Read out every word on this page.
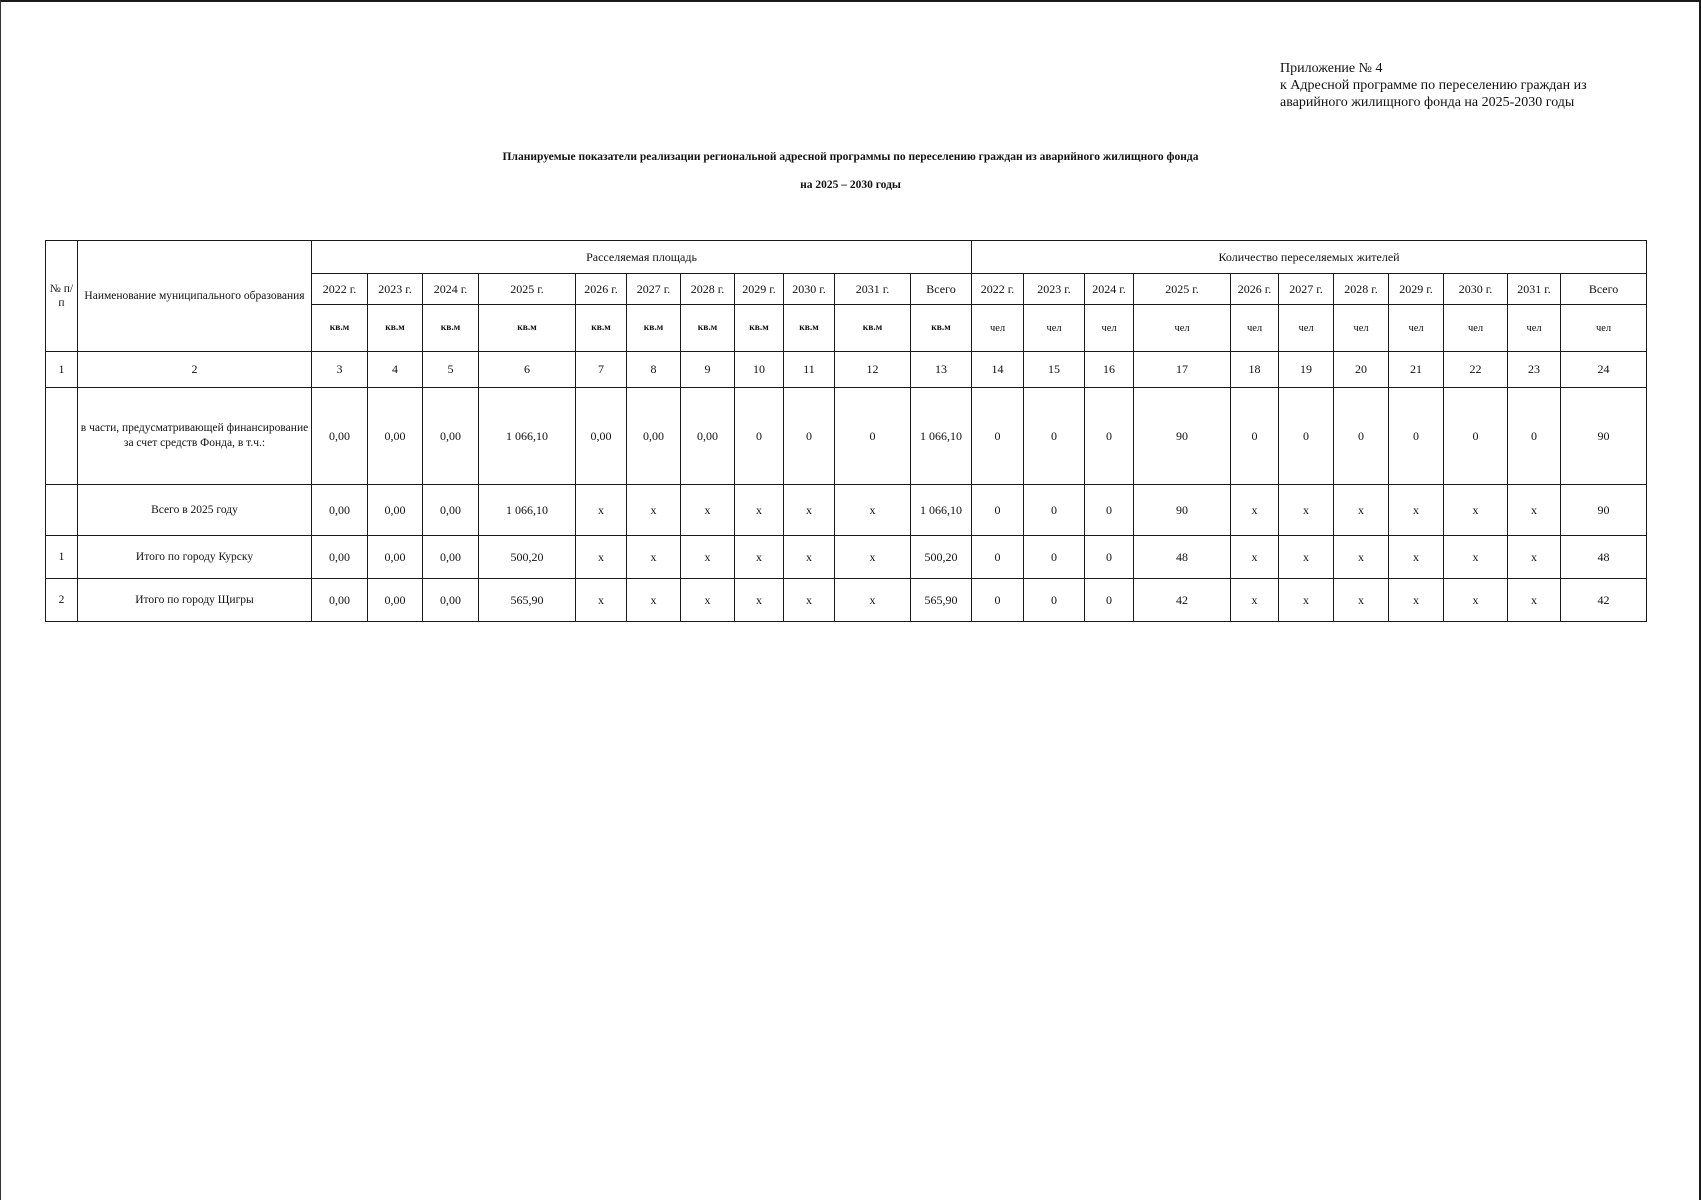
Приложение № 4
к Адресной программе по переселению граждан из
аварийного жилищного фонда на 2025-2030 годы
Планируемые показатели реализации региональной адресной программы по переселению граждан из аварийного жилищного фонда
на 2025 – 2030 годы
№ п/п	Наименование муниципального образования	Расселяемая площадь											Количество переселяемых жителей										
		2022 г.	2023 г.	2024 г.	2025 г.	2026 г.	2027 г.	2028 г.	2029 г.	2030 г.	2031 г.	Всего	2022 г.	2023 г.	2024 г.	2025 г.	2026 г.	2027 г.	2028 г.	2029 г.	2030 г.	2031 г.	Всего
		кв.м	кв.м	кв.м	кв.м	кв.м	кв.м	кв.м	кв.м	кв.м	кв.м	кв.м	чел	чел	чел	чел	чел	чел	чел	чел	чел	чел	чел
1	2	3	4	5	6	7	8	9	10	11	12	13	14	15	16	17	18	19	20	21	22	23	24
	в части, предусматривающей финансирование за счет средств Фонда, в т.ч.:	0,00	0,00	0,00	1 066,10	0,00	0,00	0,00	0	0	0	1 066,10	0	0	0	90	0	0	0	0	0	0	90
	Всего в 2025 году	0,00	0,00	0,00	1 066,10	x	x	x	x	x	x	1 066,10	0	0	0	90	x	x	x	x	x	x	90
1	Итого по городу Курску	0,00	0,00	0,00	500,20	x	x	x	x	x	x	500,20	0	0	0	48	x	x	x	x	x	x	48
2	Итого по городу Щигры	0,00	0,00	0,00	565,90	x	x	x	x	x	x	565,90	0	0	0	42	x	x	x	x	x	x	42
